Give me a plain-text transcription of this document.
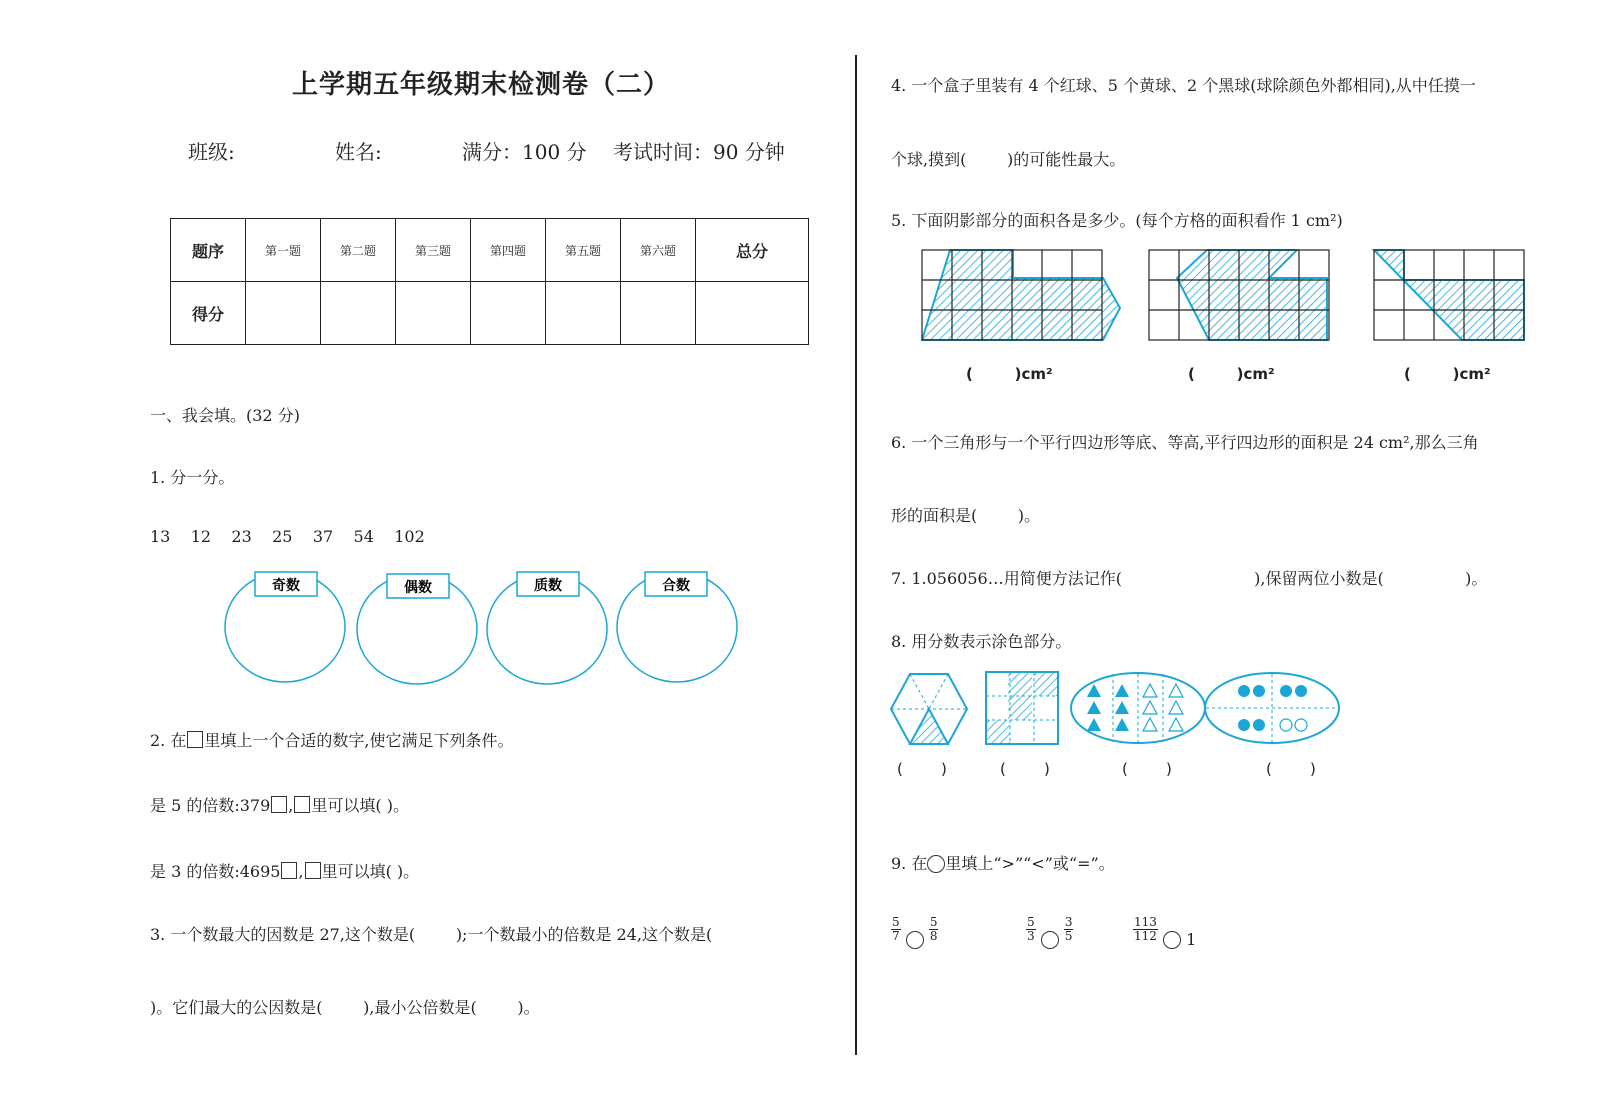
上学期五年级期末检测卷（二）
班级:	姓名:	满分：100 分 考试时间：90 分钟
题序	第一题	第二题	第三题	第四题	第五题	第六题	总分
得分							
一、我会填。(32 分)
1. 分一分。
13    12    23    25    37    54    102
奇数	偶数	质数	合数
2. 在 里填上一个合适的数字,使它满足下列条件。
是 5 的倍数:379 , 里可以填( )。
是 3 的倍数:4695 , 里可以填( )。
3. 一个数最大的因数是 27,这个数是(        );一个数最小的倍数是 24,这个数是(
)。它们最大的公因数是(        ),最小公倍数是(        )。
4. 一个盒子里装有 4 个红球、5 个黄球、2 个黑球(球除颜色外都相同),从中任摸一
个球,摸到(        )的可能性最大。
5. 下面阴影部分的面积各是多少。(每个方格的面积看作 1 cm²)
(        )cm²	(        )cm²	(        )cm²
6. 一个三角形与一个平行四边形等底、等高,平行四边形的面积是 24 cm²,那么三角
形的面积是(        )。
7. 1.056056…用简便方法记作(                          ),保留两位小数是(                )。
8. 用分数表示涂色部分。
(        )	(        )	(        )	(        )
9. 在 里填上“>”“<”或“=”。
$\frac{5}{7}$
$\frac{5}{8}$	$\frac{5}{3}$
$\frac{3}{5}$	$\frac{113}{112} 1$
